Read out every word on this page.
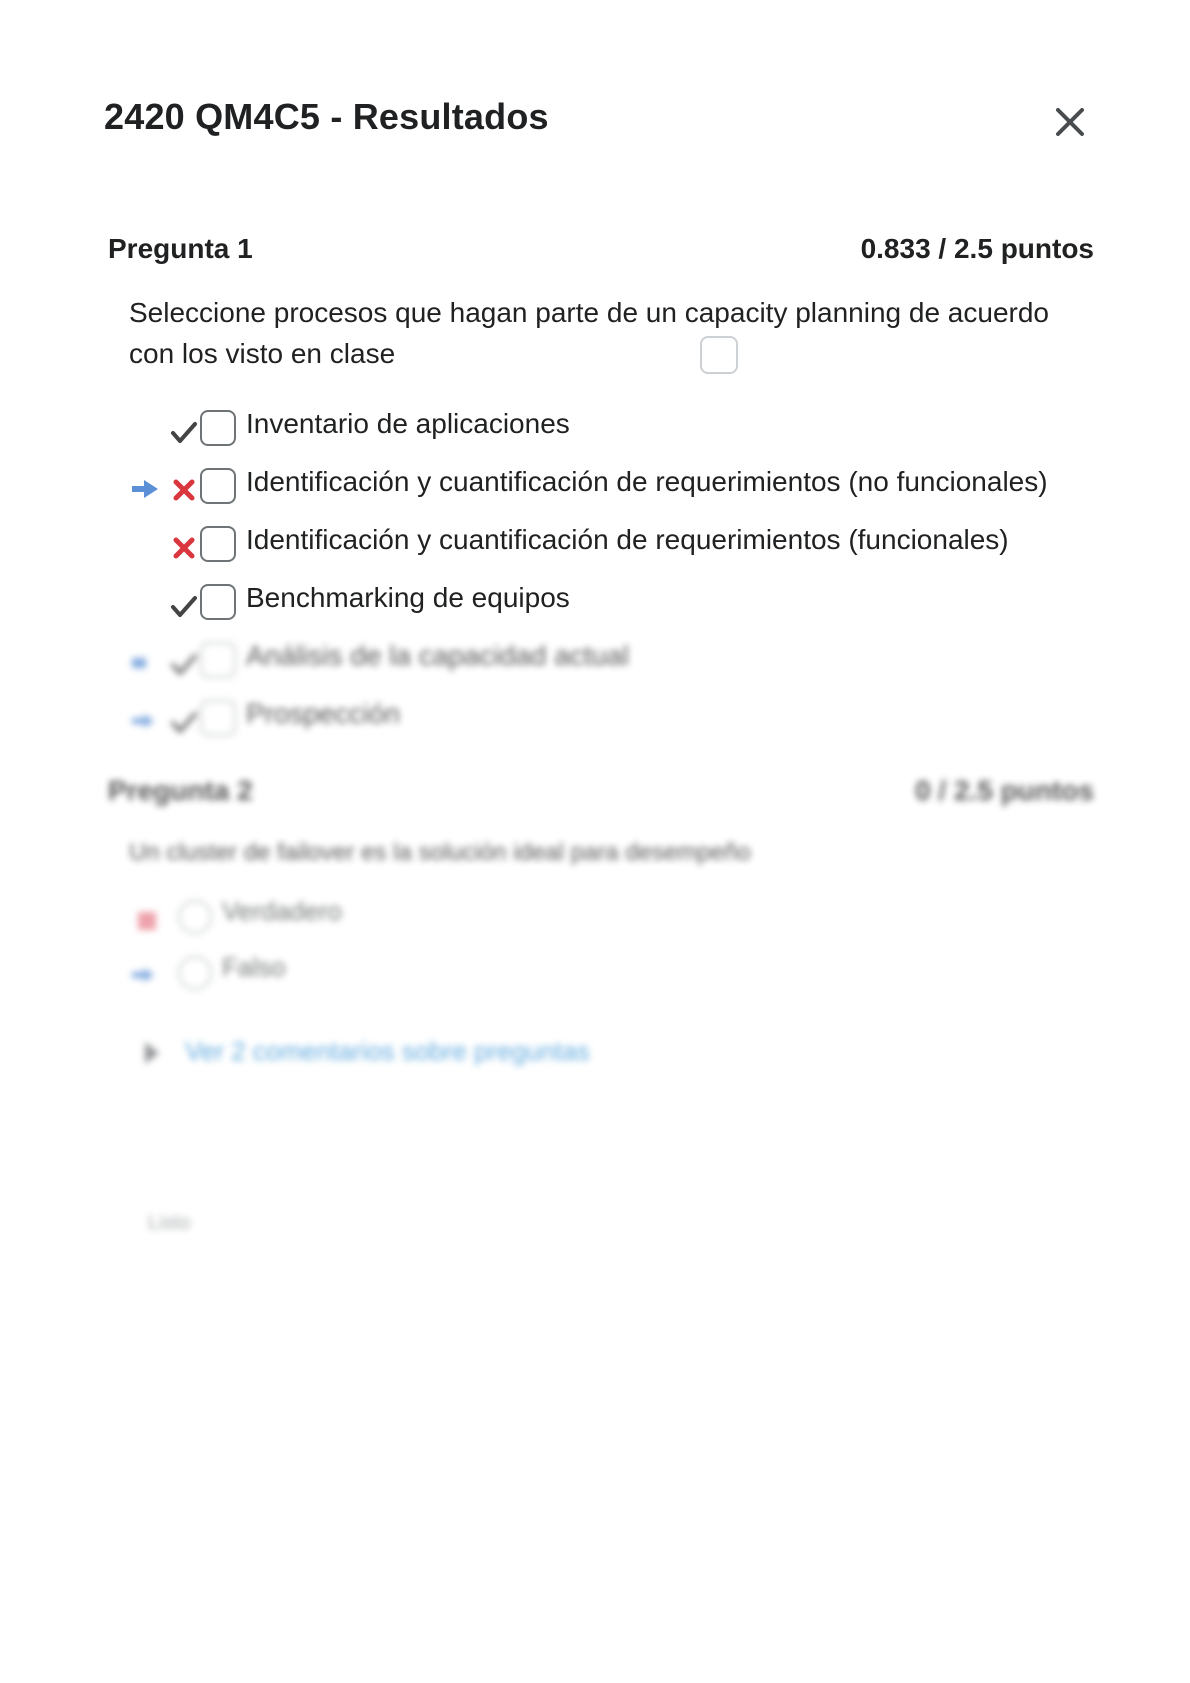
2420 QM4C5 - Resultados
Pregunta 1	0.833 / 2.5 puntos
Seleccione procesos que hagan parte de un capacity planning de acuerdo con los visto en clase
Inventario de aplicaciones
Identificación y cuantificación de requerimientos (no funcionales)
Identificación y cuantificación de requerimientos (funcionales)
Benchmarking de equipos
Análisis de la capacidad actual
Prospección
Pregunta 2	0 / 2.5 puntos
Un cluster de failover es la solución ideal para desempeño
Verdadero
Falso
Ver 2 comentarios sobre preguntas
Listo
